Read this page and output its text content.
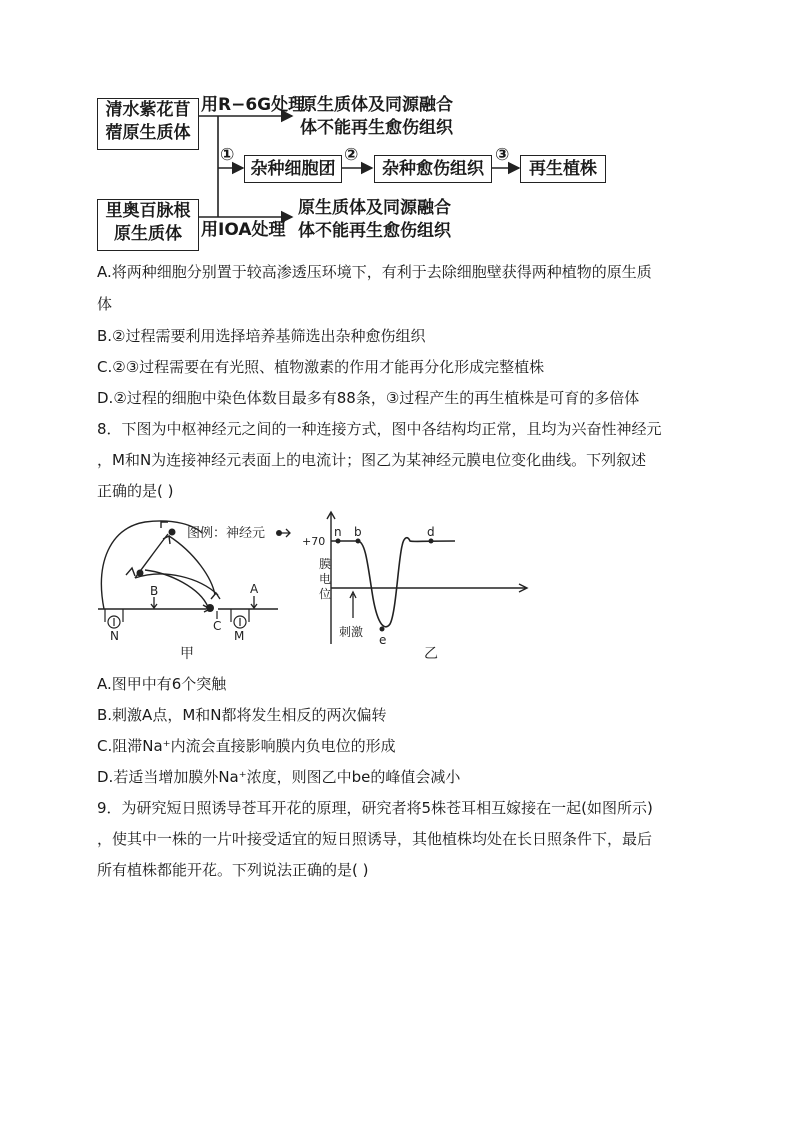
清水紫花苜
蓿原生质体
里奥百脉根
原生质体
用R−6G处理
用IOA处理
原生质体及同源融合
体不能再生愈伤组织
原生质体及同源融合
体不能再生愈伤组织
①	②	③
杂种细胞团	杂种愈伤组织	再生植株
A.将两种细胞分别置于较高渗透压环境下，有利于去除细胞壁获得两种植物的原生质
体
B.②过程需要利用选择培养基筛选出杂种愈伤组织
C.②③过程需要在有光照、植物激素的作用才能再分化形成完整植株
D.②过程的细胞中染色体数目最多有88条，③过程产生的再生植株是可育的多倍体
8．下图为中枢神经元之间的一种连接方式，图中各结构均正常，且均为兴奋性神经元
，M和N为连接神经元表面上的电流计；图乙为某神经元膜电位变化曲线。下列叙述
正确的是( )
图例：神经元
B	A
C
N	M
甲
+70
膜
电
位
n b	d
e
刺激
乙
A.图甲中有6个突触
B.刺激A点，M和N都将发生相反的两次偏转
C.阻滞Na⁺内流会直接影响膜内负电位的形成
D.若适当增加膜外Na⁺浓度，则图乙中be的峰值会减小
9．为研究短日照诱导苍耳开花的原理，研究者将5株苍耳相互嫁接在一起(如图所示)
，使其中一株的一片叶接受适宜的短日照诱导，其他植株均处在长日照条件下，最后
所有植株都能开花。下列说法正确的是( )
